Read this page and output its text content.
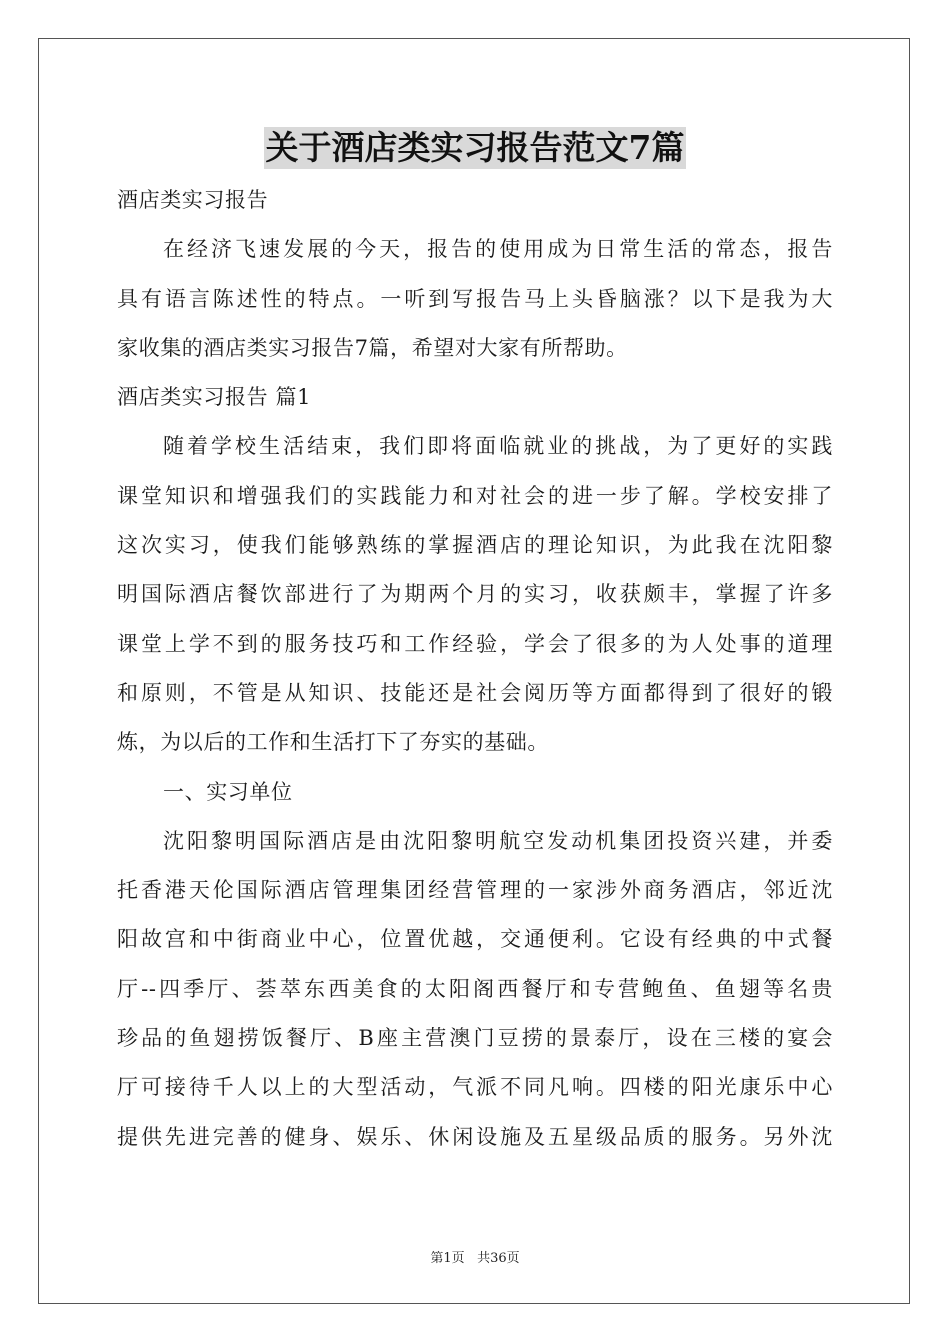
关于酒店类实习报告范文7篇
酒店类实习报告
在经济飞速发展的今天，报告的使用成为日常生活的常态，报告
具有语言陈述性的特点。一听到写报告马上头昏脑涨？以下是我为大
家收集的酒店类实习报告7篇，希望对大家有所帮助。
酒店类实习报告 篇1
随着学校生活结束，我们即将面临就业的挑战，为了更好的实践
课堂知识和增强我们的实践能力和对社会的进一步了解。学校安排了
这次实习，使我们能够熟练的掌握酒店的理论知识，为此我在沈阳黎
明国际酒店餐饮部进行了为期两个月的实习，收获颇丰，掌握了许多
课堂上学不到的服务技巧和工作经验，学会了很多的为人处事的道理
和原则，不管是从知识、技能还是社会阅历等方面都得到了很好的锻
炼，为以后的工作和生活打下了夯实的基础。
一、实习单位
沈阳黎明国际酒店是由沈阳黎明航空发动机集团投资兴建，并委
托香港天伦国际酒店管理集团经营管理的一家涉外商务酒店，邻近沈
阳故宫和中街商业中心，位置优越，交通便利。它设有经典的中式餐
厅--四季厅、荟萃东西美食的太阳阁西餐厅和专营鲍鱼、鱼翅等名贵
珍品的鱼翅捞饭餐厅、B座主营澳门豆捞的景泰厅，设在三楼的宴会
厅可接待千人以上的大型活动，气派不同凡响。四楼的阳光康乐中心
提供先进完善的健身、娱乐、休闲设施及五星级品质的服务。另外沈
第1页 共36页
